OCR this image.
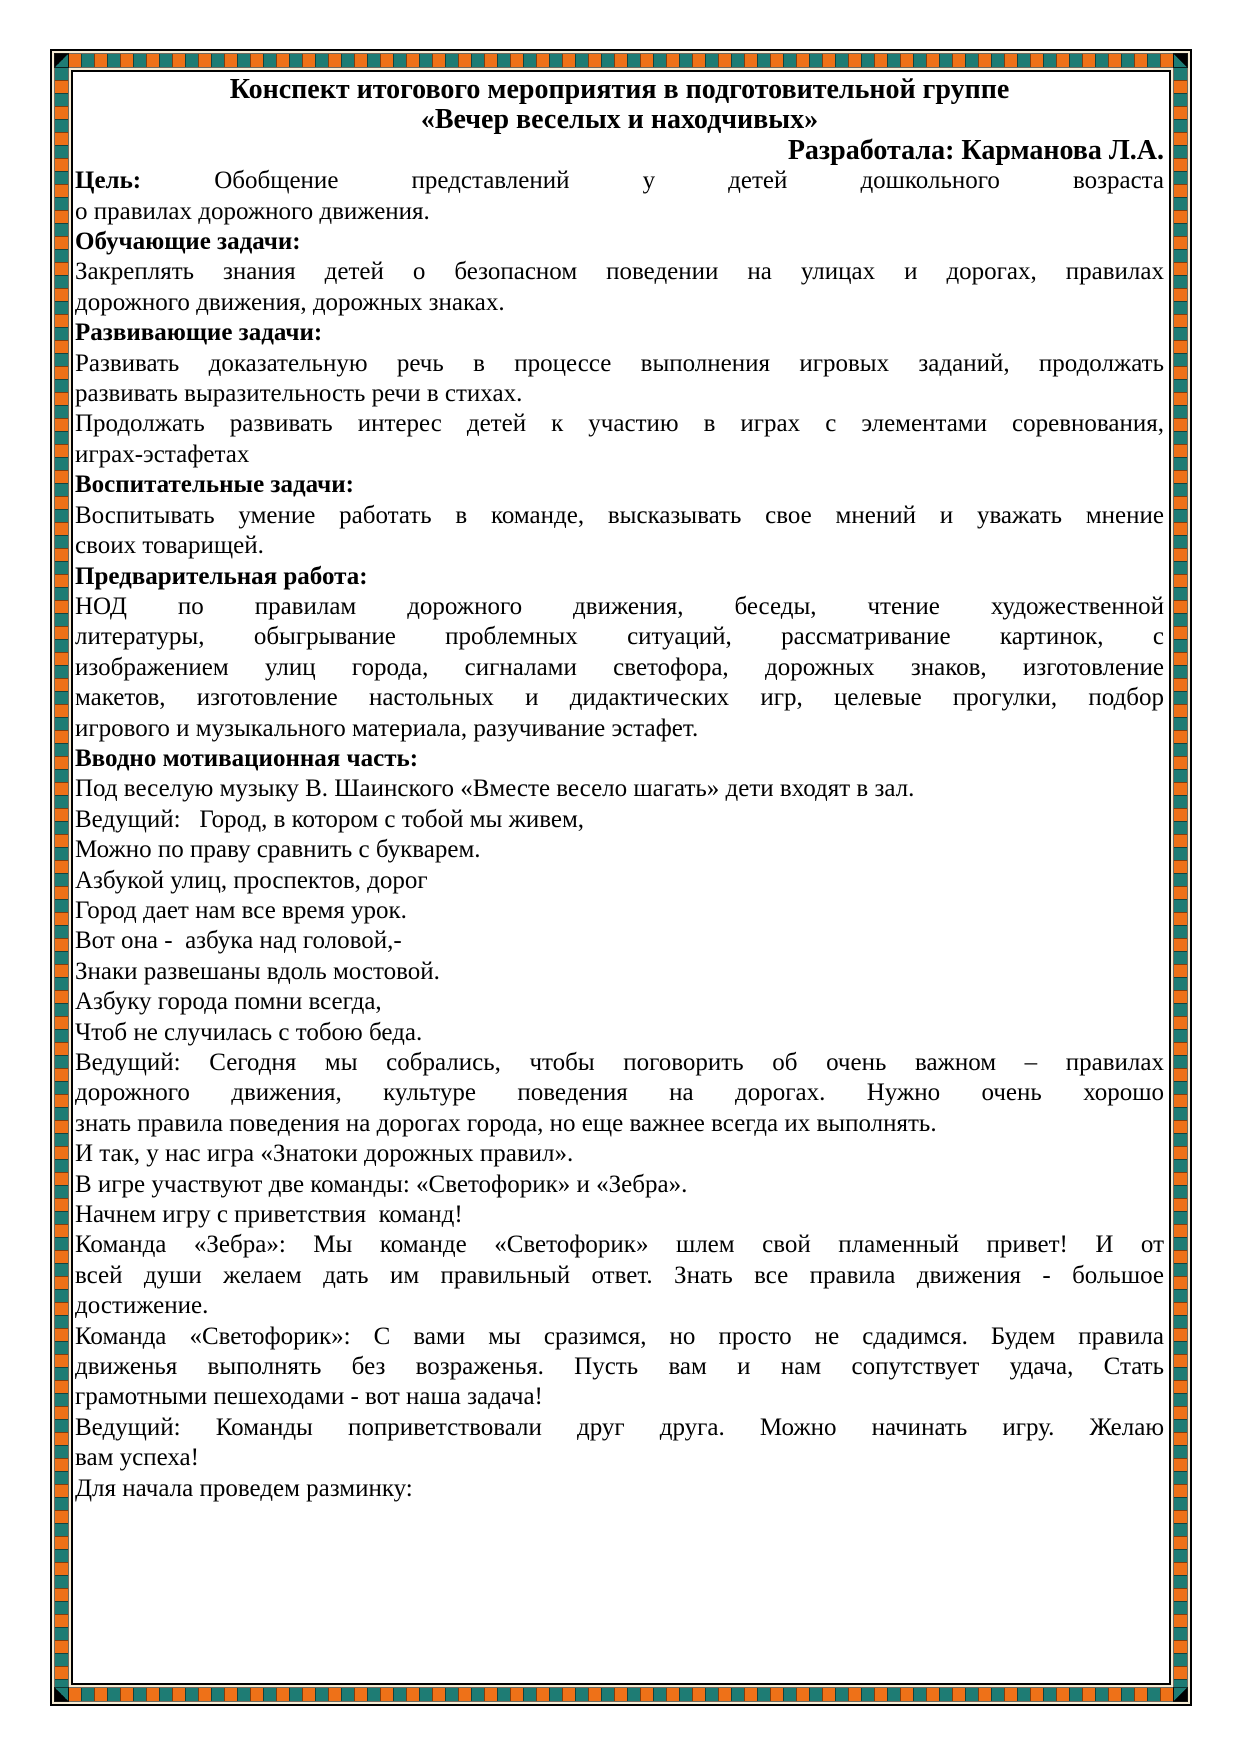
Конспект итогового мероприятия в подготовительной группе

«Вечер веселых и находчивых»

Разработала: Карманова Л.А.

Цель: Обобщение представлений у детей дошкольного возраста

о правилах дорожного движения.

Обучающие задачи:

Закреплять знания детей о безопасном поведении на улицах и дорогах, правилах

дорожного движения, дорожных знаках.

Развивающие задачи:

Развивать доказательную речь в процессе выполнения игровых заданий, продолжать

развивать выразительность речи в стихах.

Продолжать развивать интерес детей к участию в играх с элементами соревнования,

играх-эстафетах

Воспитательные задачи:

Воспитывать умение работать в команде, высказывать свое мнений и уважать мнение

своих товарищей.

Предварительная работа:

НОД по правилам дорожного движения, беседы, чтение художественной

литературы, обыгрывание проблемных ситуаций, рассматривание картинок, с

изображением улиц города, сигналами светофора, дорожных знаков, изготовление

макетов, изготовление настольных и дидактических игр, целевые прогулки, подбор

игрового и музыкального материала, разучивание эстафет.

Вводно мотивационная часть:

Под веселую музыку В. Шаинского «Вместе весело шагать» дети входят в зал.

Ведущий:   Город, в котором с тобой мы живем,

Можно по праву сравнить с букварем.

Азбукой улиц, проспектов, дорог

Город дает нам все время урок.

Вот она -  азбука над головой,-

Знаки развешаны вдоль мостовой.

Азбуку города помни всегда,

Чтоб не случилась с тобою беда.

Ведущий: Сегодня мы собрались, чтобы поговорить об очень важном – правилах

дорожного движения, культуре поведения на дорогах. Нужно очень хорошо

знать правила поведения на дорогах города, но еще важнее всегда их выполнять.

И так, у нас игра «Знатоки дорожных правил».

В игре участвуют две команды: «Светофорик» и «Зебра».

Начнем игру с приветствия  команд!

Команда «Зебра»: Мы команде «Светофорик» шлем свой пламенный привет! И от

всей души желаем дать им правильный ответ. Знать все правила движения - большое

достижение.

Команда «Светофорик»: С вами мы сразимся, но просто не сдадимся. Будем правила

движенья выполнять без возраженья. Пусть вам и нам сопутствует удача, Стать

грамотными пешеходами - вот наша задача!

Ведущий: Команды поприветствовали друг друга. Можно начинать игру. Желаю

вам успеха!

Для начала проведем разминку:
